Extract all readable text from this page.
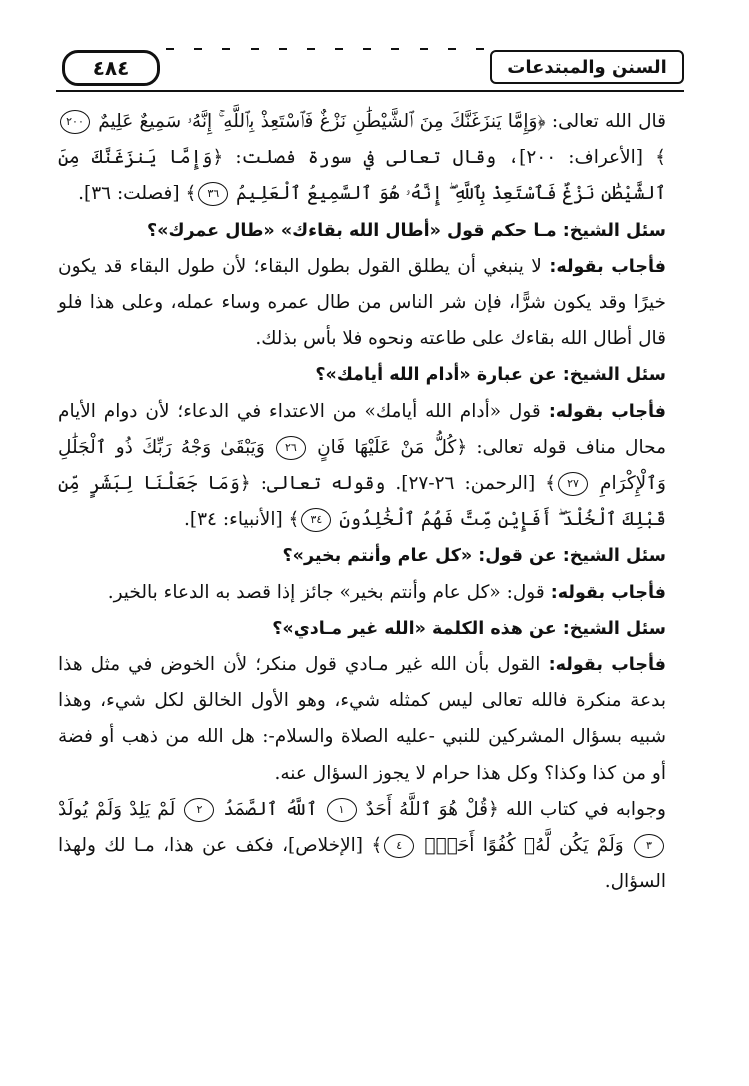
السنن والمبتدعات
٤٨٤

قال الله تعالى: ﴿وَإِمَّا يَنزَغَنَّكَ مِنَ ٱلشَّيْطَٰنِ نَزْغٌ فَٱسْتَعِذْ بِٱللَّهِ ۚ إِنَّهُۥ سَمِيعٌ عَلِيمٌ ٢٠٠﴾ [الأعراف: ٢٠٠]، وقال تعالى في سورة فصلت: ﴿وَإِمَّا يَنزَغَنَّكَ مِنَ ٱلشَّيْطَٰنِ نَزْغٌ فَٱسْتَعِذْ بِٱللَّهِ ۖ إِنَّهُۥ هُوَ ٱلسَّمِيعُ ٱلْعَلِيمُ ٣٦﴾ [فصلت: ٣٦].

سئل الشيخ: مـا حكم قول «أطال الله بقاءك» «طال عمرك»؟

فأجاب بقوله: لا ينبغي أن يطلق القول بطول البقاء؛ لأن طول البقاء قد يكون خيرًا وقد يكون شرًّا، فإن شر الناس من طال عمره وساء عمله، وعلى هذا فلو قال أطال الله بقاءك على طاعته ونحوه فلا بأس بذلك.

سئل الشيخ: عن عبارة «أدام الله أيامك»؟

فأجاب بقوله: قول «أدام الله أيامك» من الاعتداء في الدعاء؛ لأن دوام الأيام محال مناف قوله تعالى: ﴿كُلُّ مَنْ عَلَيْهَا فَانٍ ٢٦ وَيَبْقَىٰ وَجْهُ رَبِّكَ ذُو ٱلْجَلَٰلِ وَٱلْإِكْرَامِ ٢٧﴾ [الرحمن: ٢٦-٢٧]. وقوله تعالى: ﴿وَمَا جَعَلْنَا لِبَشَرٍ مِّن قَبْلِكَ ٱلْخُلْدَ ۖ أَفَإِيْن مِّتَّ فَهُمُ ٱلْخَٰلِدُونَ ٣٤﴾ [الأنبياء: ٣٤].

سئل الشيخ: عن قول: «كل عام وأنتم بخير»؟

فأجاب بقوله: قول: «كل عام وأنتم بخير» جائز إذا قصد به الدعاء بالخير.

سئل الشيخ: عن هذه الكلمة «الله غير مـادي»؟

فأجاب بقوله: القول بأن الله غير مـادي قول منكر؛ لأن الخوض في مثل هذا بدعة منكرة فالله تعالى ليس كمثله شيء، وهو الأول الخالق لكل شيء، وهذا شبيه بسؤال المشركين للنبي -عليه الصلاة والسلام-: هل الله من ذهب أو فضة أو من كذا وكذا؟ وكل هذا حرام لا يجوز السؤال عنه.

وجوابه في كتاب الله ﴿قُلْ هُوَ ٱللَّهُ أَحَدٌ ١ ٱللَّهُ ٱلصَّمَدُ ٢ لَمْ يَلِدْ وَلَمْ يُولَدْ ٣ وَلَمْ يَكُن لَّهُۥ كُفُوًا أَحَدٌۢ ٤﴾ [الإخلاص]، فكف عن هذا، مـا لك ولهذا السؤال.
